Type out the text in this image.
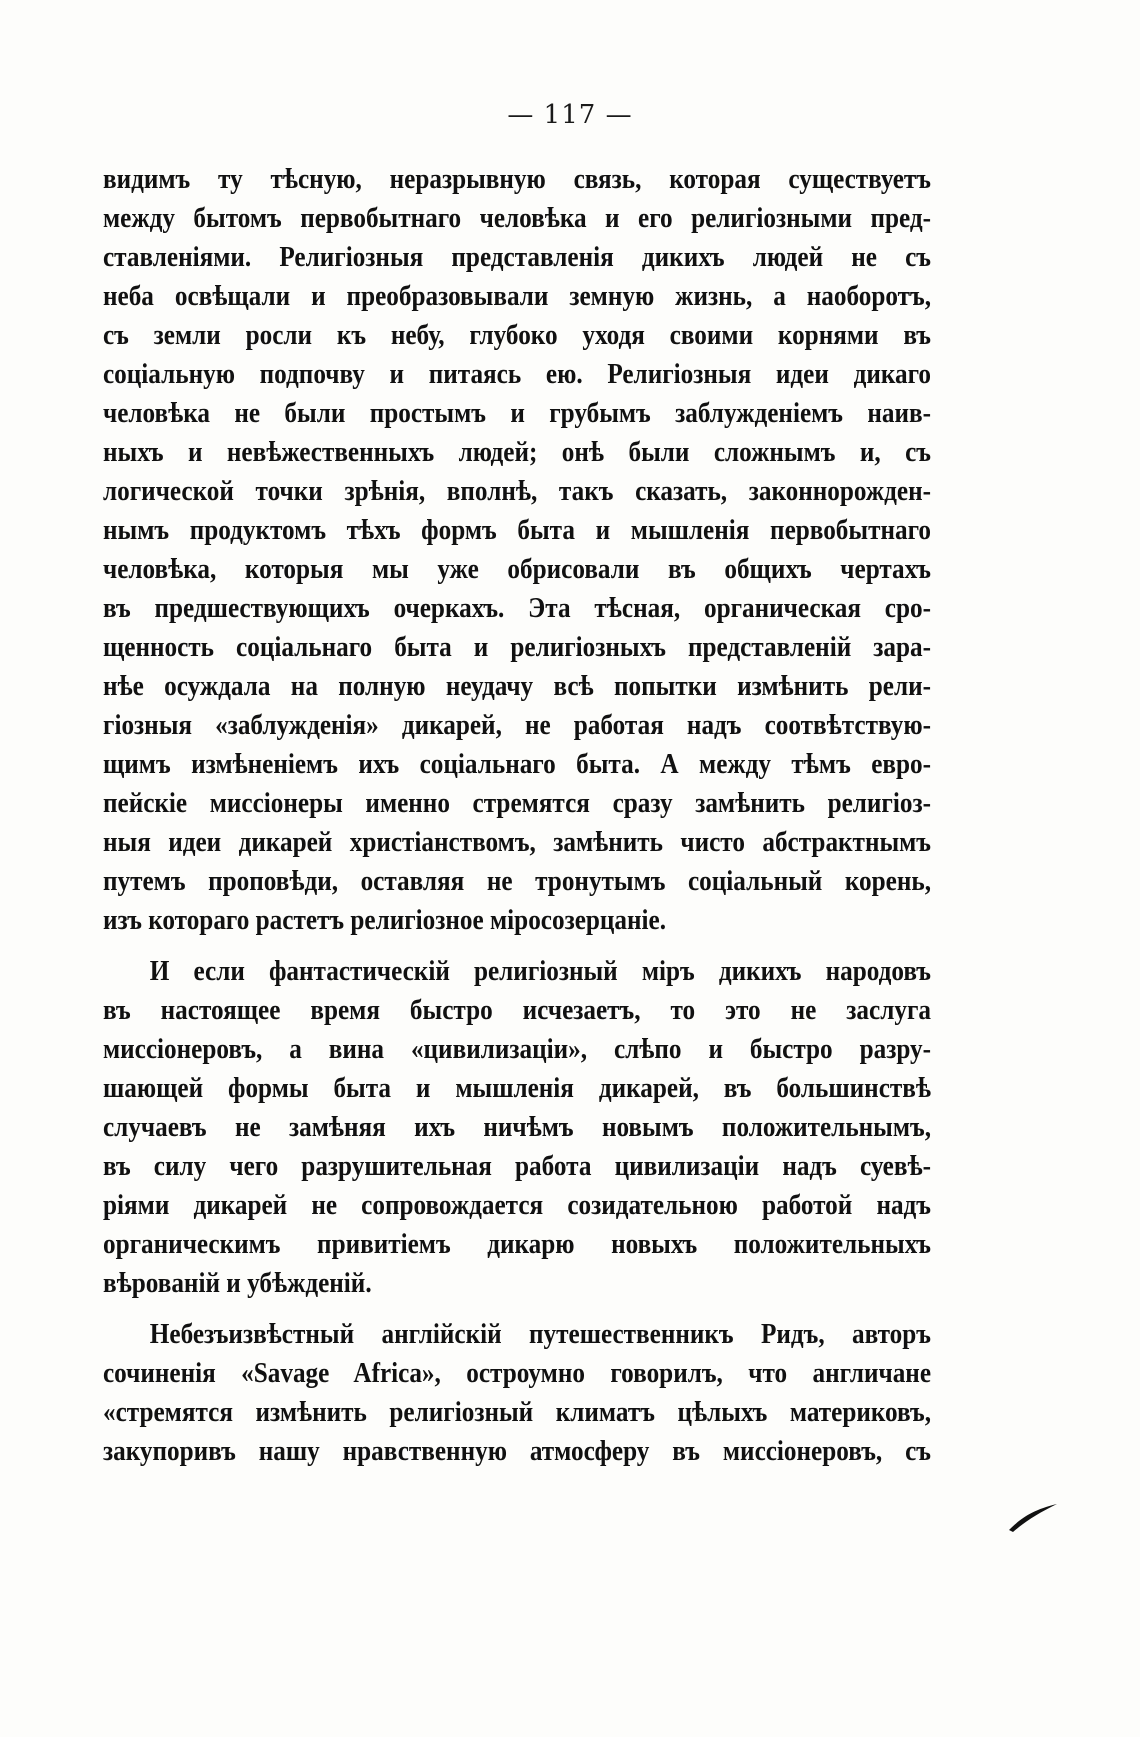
— 117 —
видимъ ту тѣсную, неразрывную связь, которая существуетъ
между бытомъ первобытнаго человѣка и его религіозными пред-
ставленіями. Религіозныя представленія дикихъ людей не съ
неба освѣщали и преобразовывали земную жизнь, а наоборотъ,
съ земли росли къ небу, глубоко уходя своими корнями въ
соціальную подпочву и питаясь ею. Религіозныя идеи дикаго
человѣка не были простымъ и грубымъ заблужденіемъ наив-
ныхъ и невѣжественныхъ людей; онѣ были сложнымъ и, съ
логической точки зрѣнія, вполнѣ, такъ сказать, законнорожден-
нымъ продуктомъ тѣхъ формъ быта и мышленія первобытнаго
человѣка, которыя мы уже обрисовали въ общихъ чертахъ
въ предшествующихъ очеркахъ. Эта тѣсная, органическая сро-
щенность соціальнаго быта и религіозныхъ представленій зара-
нѣе осуждала на полную неудачу всѣ попытки измѣнить рели-
гіозныя «заблужденія» дикарей, не работая надъ соотвѣтствую-
щимъ измѣненіемъ ихъ соціальнаго быта. А между тѣмъ евро-
пейскіе миссіонеры именно стремятся сразу замѣнить религіоз-
ныя идеи дикарей христіанствомъ, замѣнить чисто абстрактнымъ
путемъ проповѣди, оставляя не тронутымъ соціальный корень,
изъ котораго растетъ религіозное міросозерцаніе.
И если фантастическій религіозный міръ дикихъ народовъ
въ настоящее время быстро исчезаетъ, то это не заслуга
миссіонеровъ, а вина «цивилизаціи», слѣпо и быстро разру-
шающей формы быта и мышленія дикарей, въ большинствѣ
случаевъ не замѣняя ихъ ничѣмъ новымъ положительнымъ,
въ силу чего разрушительная работа цивилизаціи надъ суевѣ-
ріями дикарей не сопровождается созидательною работой надъ
органическимъ привитіемъ дикарю новыхъ положительныхъ
вѣрованій и убѣжденій.
Небезъизвѣстный англійскій путешественникъ Ридъ, авторъ
сочиненія «Savage Africa», остроумно говорилъ, что англичане
«стремятся измѣнить религіозный климатъ цѣлыхъ материковъ,
закупоривъ нашу нравственную атмосферу въ миссіонеровъ, съ
